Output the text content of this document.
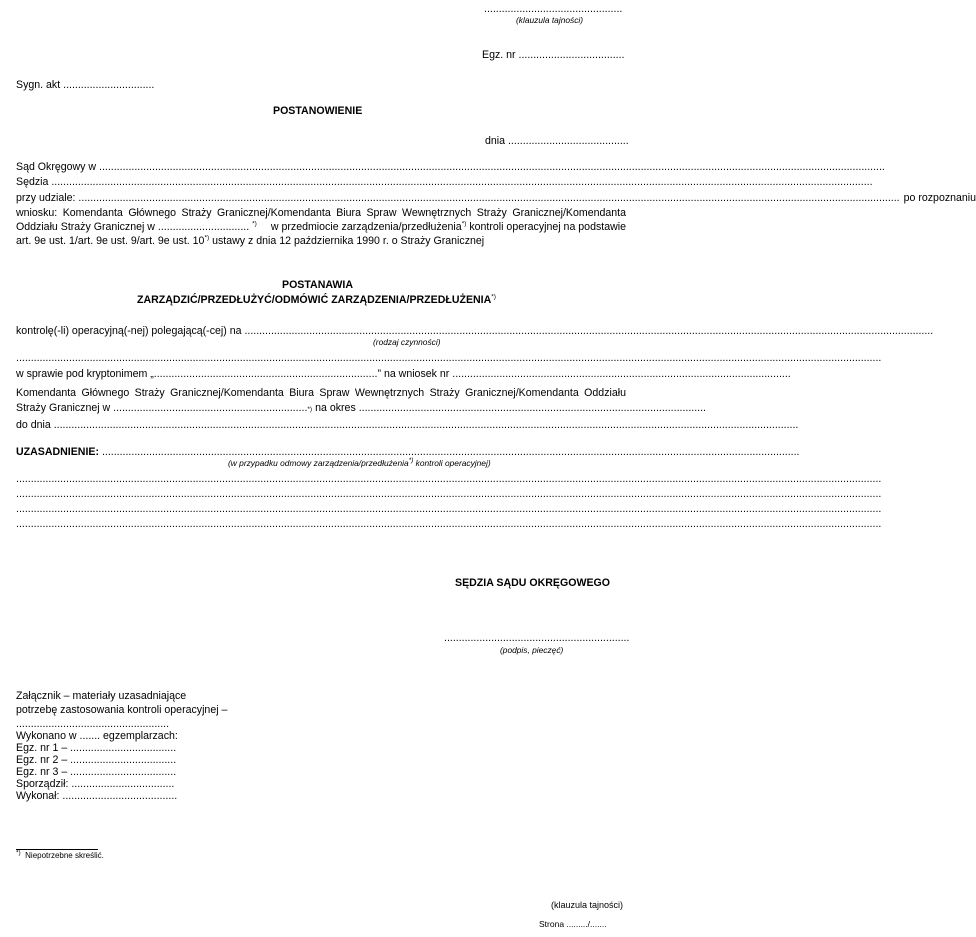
...............................................
(klauzula tajności)
Egz. nr ....................................
Sygn. akt ...............................
POSTANOWIENIE
dnia .........................................
Sąd Okręgowy w ...........................................................................................................................................................................................................................................................................
Sędzia .......................................................................................................................................................................................................................................................................................
przy udziale: ....................................................................................................................................................................................................................................................................................... po rozpoznaniu
wniosku: Komendanta Głównego Straży Granicznej/Komendanta Biura Spraw Wewnętrznych Straży Granicznej/Komendanta
Oddziału Straży Granicznej w ............................... *) w przedmiocie zarządzenia/przedłużenia*) kontroli operacyjnej na podstawie
art. 9e ust. 1/art. 9e ust. 9/art. 9e ust. 10*) ustawy z dnia 12 października 1990 r. o Straży Granicznej
POSTANAWIA
ZARZĄDZIĆ/PRZEDŁUŻYĆ/ODMÓWIĆ ZARZĄDZENIA/PRZEDŁUŻENIA*)
kontrolę(-li) operacyjną(-nej) polegającą(-cej) na ..........................................................................................................................................................................................................................................
(rodzaj czynności)
......................................................................................................................................................................................................................................................................................................
w sprawie pod kryptonimem „ ............................................................................ ” na wniosek nr ...................................................................................................................
Komendanta Głównego Straży Granicznej/Komendanta Biura Spraw Wewnętrznych Straży Granicznej/Komendanta Oddziału
Straży Granicznej w .................................................................. *) na okres ......................................................................................................................
do dnia .............................................................................................................................................................................................................................................................
UZASADNIENIE: .............................................................................................................................................................................................................................................
(w przypadku odmowy zarządzenia/przedłużenia*) kontroli operacyjnej)
......................................................................................................................................................................................................................................................................................................
......................................................................................................................................................................................................................................................................................................
......................................................................................................................................................................................................................................................................................................
......................................................................................................................................................................................................................................................................................................
SĘDZIA SĄDU OKRĘGOWEGO
...............................................................
(podpis, pieczęć)
Załącznik – materiały uzasadniające
potrzebę zastosowania kontroli operacyjnej –
....................................................
Wykonano w ....... egzemplarzach:
Egz. nr 1 – ....................................
Egz. nr 2 – ....................................
Egz. nr 3 – ....................................
Sporządził: ...................................
Wykonał: .......................................
*) Niepotrzebne skreślić.
(klauzula tajności)
Strona ........./.......
